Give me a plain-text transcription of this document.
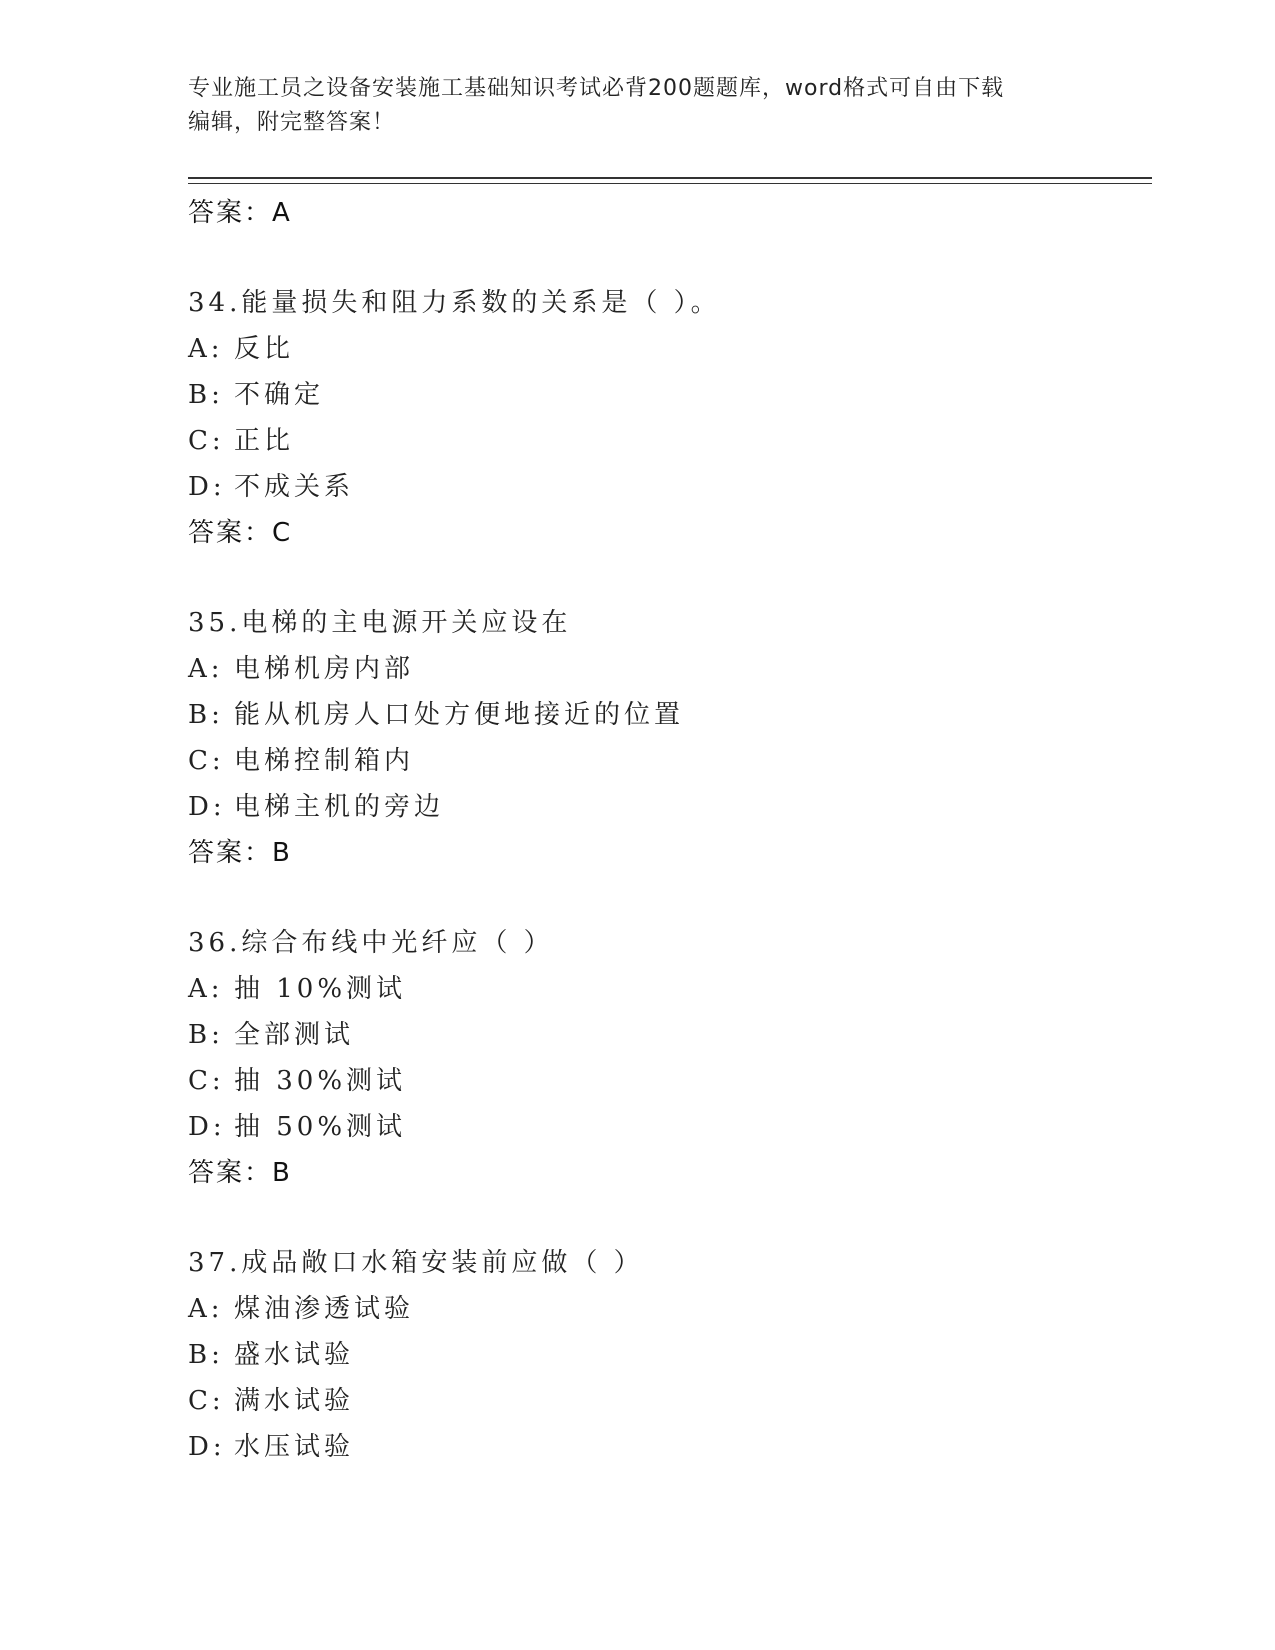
专业施工员之设备安装施工基础知识考试必背200题题库，word格式可自由下载
编辑，附完整答案！
答案：A
34.能量损失和阻力系数的关系是（ ）。
A: 反比
B: 不确定
C: 正比
D: 不成关系
答案：C
35.电梯的主电源开关应设在
A: 电梯机房内部
B: 能从机房人口处方便地接近的位置
C: 电梯控制箱内
D: 电梯主机的旁边
答案：B
36.综合布线中光纤应（ ）
A: 抽 10%测试
B: 全部测试
C: 抽 30%测试
D: 抽 50%测试
答案：B
37.成品敞口水箱安装前应做（ ）
A: 煤油渗透试验
B: 盛水试验
C: 满水试验
D: 水压试验
